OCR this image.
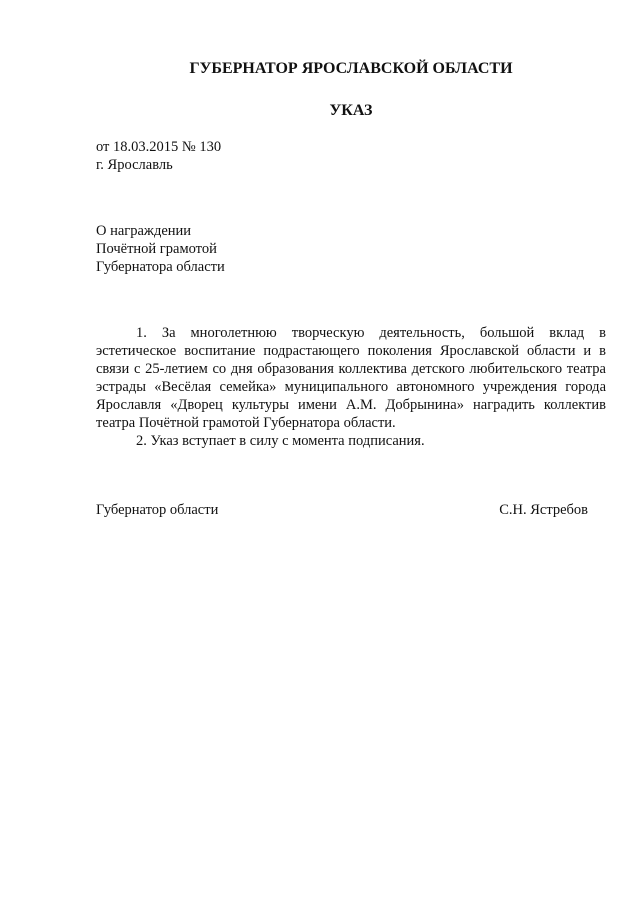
ГУБЕРНАТОР ЯРОСЛАВСКОЙ ОБЛАСТИ
УКАЗ
от 18.03.2015 № 130
г. Ярославль
О награждении
Почётной грамотой
Губернатора области

1. За многолетнюю творческую деятельность, большой вклад в эстетическое воспитание подрастающего поколения Ярославской области и в связи с 25-летием со дня образования коллектива детского любительского театра эстрады «Весёлая семейка» муниципального автономного учреждения города Ярославля «Дворец культуры имени А.М. Добрынина» наградить коллектив театра Почётной грамотой Губернатора области.

2. Указ вступает в силу с момента подписания.

Губернатор области	С.Н. Ястребов
